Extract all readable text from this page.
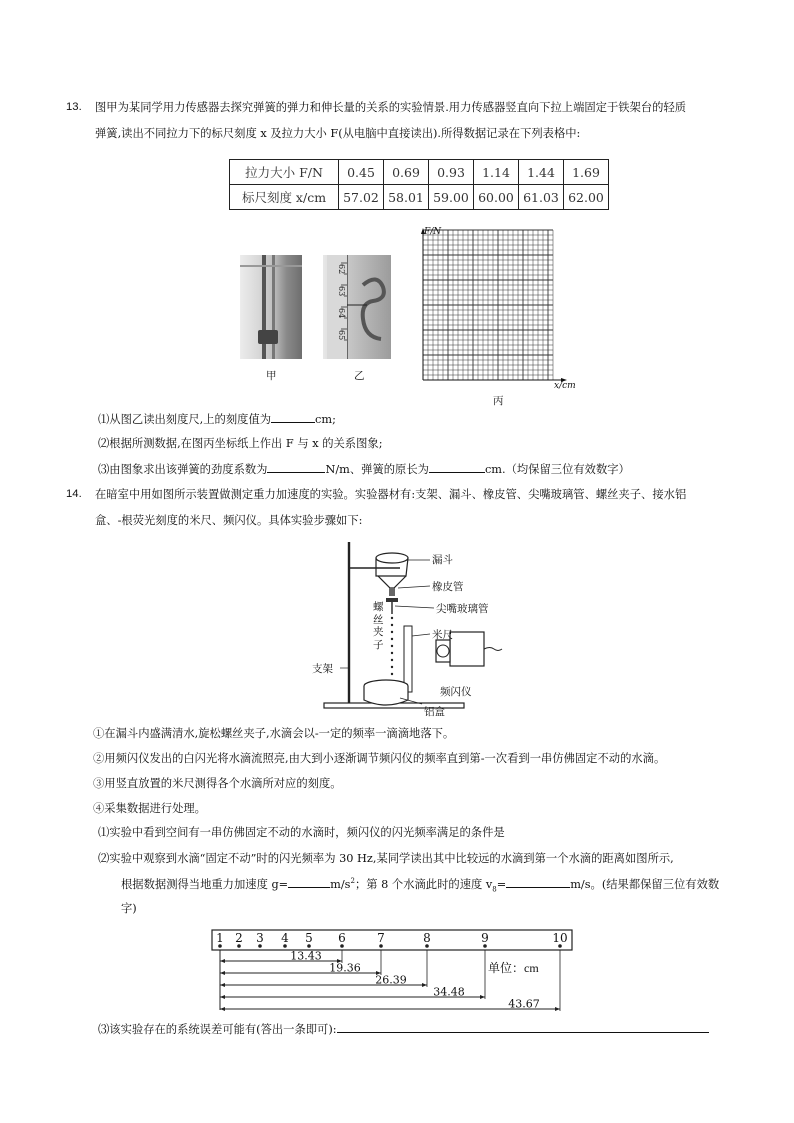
13. 图甲为某同学用力传感器去探究弹簧的弹力和伸长量的关系的实验情景.用力传感器竖直向下拉上端固定于铁架台的轻质
弹簧,读出不同拉力下的标尺刻度 x 及拉力大小 F(从电脑中直接读出).所得数据记录在下列表格中:
拉力大小 F/N	0.45	0.69	0.93	1.14	1.44	1.69
标尺刻度 x/cm	57.02	58.01	59.00	60.00	61.03	62.00
甲
62
63
64
65
乙
F/N
x/cm
丙
⑴从图乙读出刻度尺,上的刻度值为	cm;
⑵根据所测数据,在图丙坐标纸上作出 F 与 x 的关系图象;
⑶由图象求出该弹簧的劲度系数为	N/m、弹簧的原长为	cm.（均保留三位有效数字）
14. 在暗室中用如图所示装置做测定重力加速度的实验。实验器材有:支架、漏斗、橡皮管、尖嘴玻璃管、螺丝夹子、接水铝
盒、-根荧光刻度的米尺、频闪仪。具体实验步骤如下:
漏斗
橡皮管
尖嘴玻璃管
米尺
螺丝夹子
支架
频闪仪
铝盒
①在漏斗内盛满清水,旋松螺丝夹子,水滴会以-一定的频率一滴滴地落下。
②用频闪仪发出的白闪光将水滴流照亮,由大到小逐渐调节频闪仪的频率直到第-一次看到一串仿佛固定不动的水滴。
③用竖直放置的米尺测得各个水滴所对应的刻度。
④采集数据进行处理。
⑴实验中看到空间有一串仿佛固定不动的水滴时，频闪仪的闪光频率满足的条件是
⑵实验中观察到水滴“固定不动”时的闪光频率为 30 Hz,某同学读出其中比较远的水滴到第一个水滴的距离如图所示,
根据数据测得当地重力加速度 g=	$m/s^2$；第 8 个水滴此时的速度 $v_8=$	m/s。(结果都保留三位有效数
字)
1 2 3 4 5 6	7	8	9	10
13.43
19.36
26.39
34.48
43.67
单位：cm
⑶该实验存在的系统误差可能有(答出一条即可):
